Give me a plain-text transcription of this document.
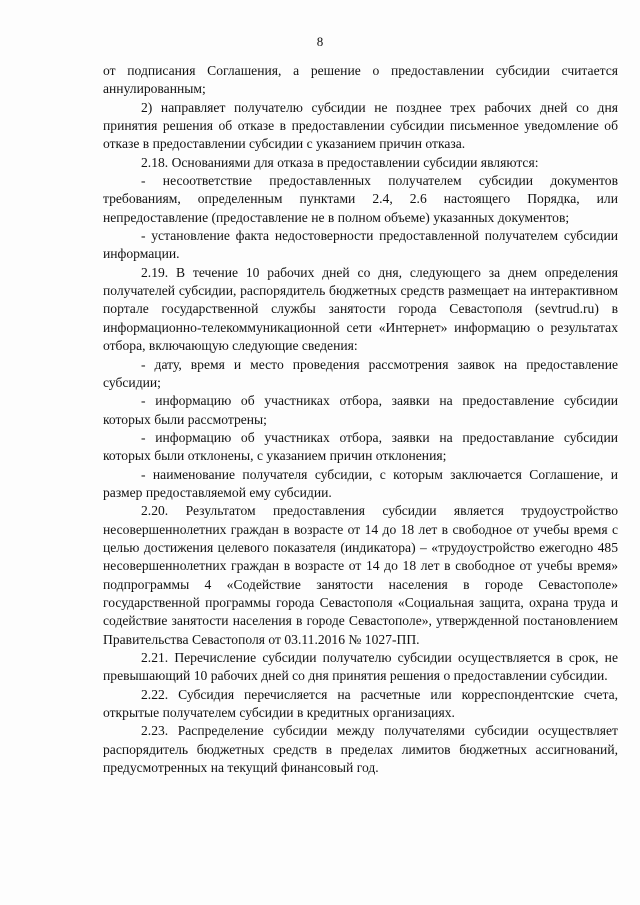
8

от подписания Соглашения, а решение о предоставлении субсидии считается аннулированным;

2) направляет получателю субсидии не позднее трех рабочих дней со дня принятия решения об отказе в предоставлении субсидии письменное уведомление об отказе в предоставлении субсидии с указанием причин отказа.

2.18. Основаниями для отказа в предоставлении субсидии являются:

- несоответствие предоставленных получателем субсидии документов требованиям, определенным пунктами 2.4, 2.6 настоящего Порядка, или непредоставление (предоставление не в полном объеме) указанных документов;

- установление факта недостоверности предоставленной получателем субсидии информации.

2.19. В течение 10 рабочих дней со дня, следующего за днем определения получателей субсидии, распорядитель бюджетных средств размещает на интерактивном портале государственной службы занятости города Севастополя (sevtrud.ru) в информационно-телекоммуникационной сети «Интернет» информацию о результатах отбора, включающую следующие сведения:

- дату, время и место проведения рассмотрения заявок на предоставление субсидии;

- информацию об участниках отбора, заявки на предоставление субсидии которых были рассмотрены;

- информацию об участниках отбора, заявки на предоставлание субсидии которых были отклонены, с указанием причин отклонения;

- наименование получателя субсидии, с которым заключается Соглашение, и размер предоставляемой ему субсидии.

2.20. Результатом предоставления субсидии является трудоустройство несовершеннолетних граждан в возрасте от 14 до 18 лет в свободное от учебы время с целью достижения целевого показателя (индикатора) – «трудоустройство ежегодно 485 несовершеннолетних граждан в возрасте от 14 до 18 лет в свободное от учебы время» подпрограммы 4 «Содействие занятости населения в городе Севастополе» государственной программы города Севастополя «Социальная защита, охрана труда и содействие занятости населения в городе Севастополе», утвержденной постановлением Правительства Севастополя от 03.11.2016 № 1027-ПП.

2.21. Перечисление субсидии получателю субсидии осуществляется в срок, не превышающий 10 рабочих дней со дня принятия решения о предоставлении субсидии.

2.22. Субсидия перечисляется на расчетные или корреспондентские счета, открытые получателем субсидии в кредитных организациях.

2.23. Распределение субсидии между получателями субсидии осуществляет распорядитель бюджетных средств в пределах лимитов бюджетных ассигнований, предусмотренных на текущий финансовый год.
